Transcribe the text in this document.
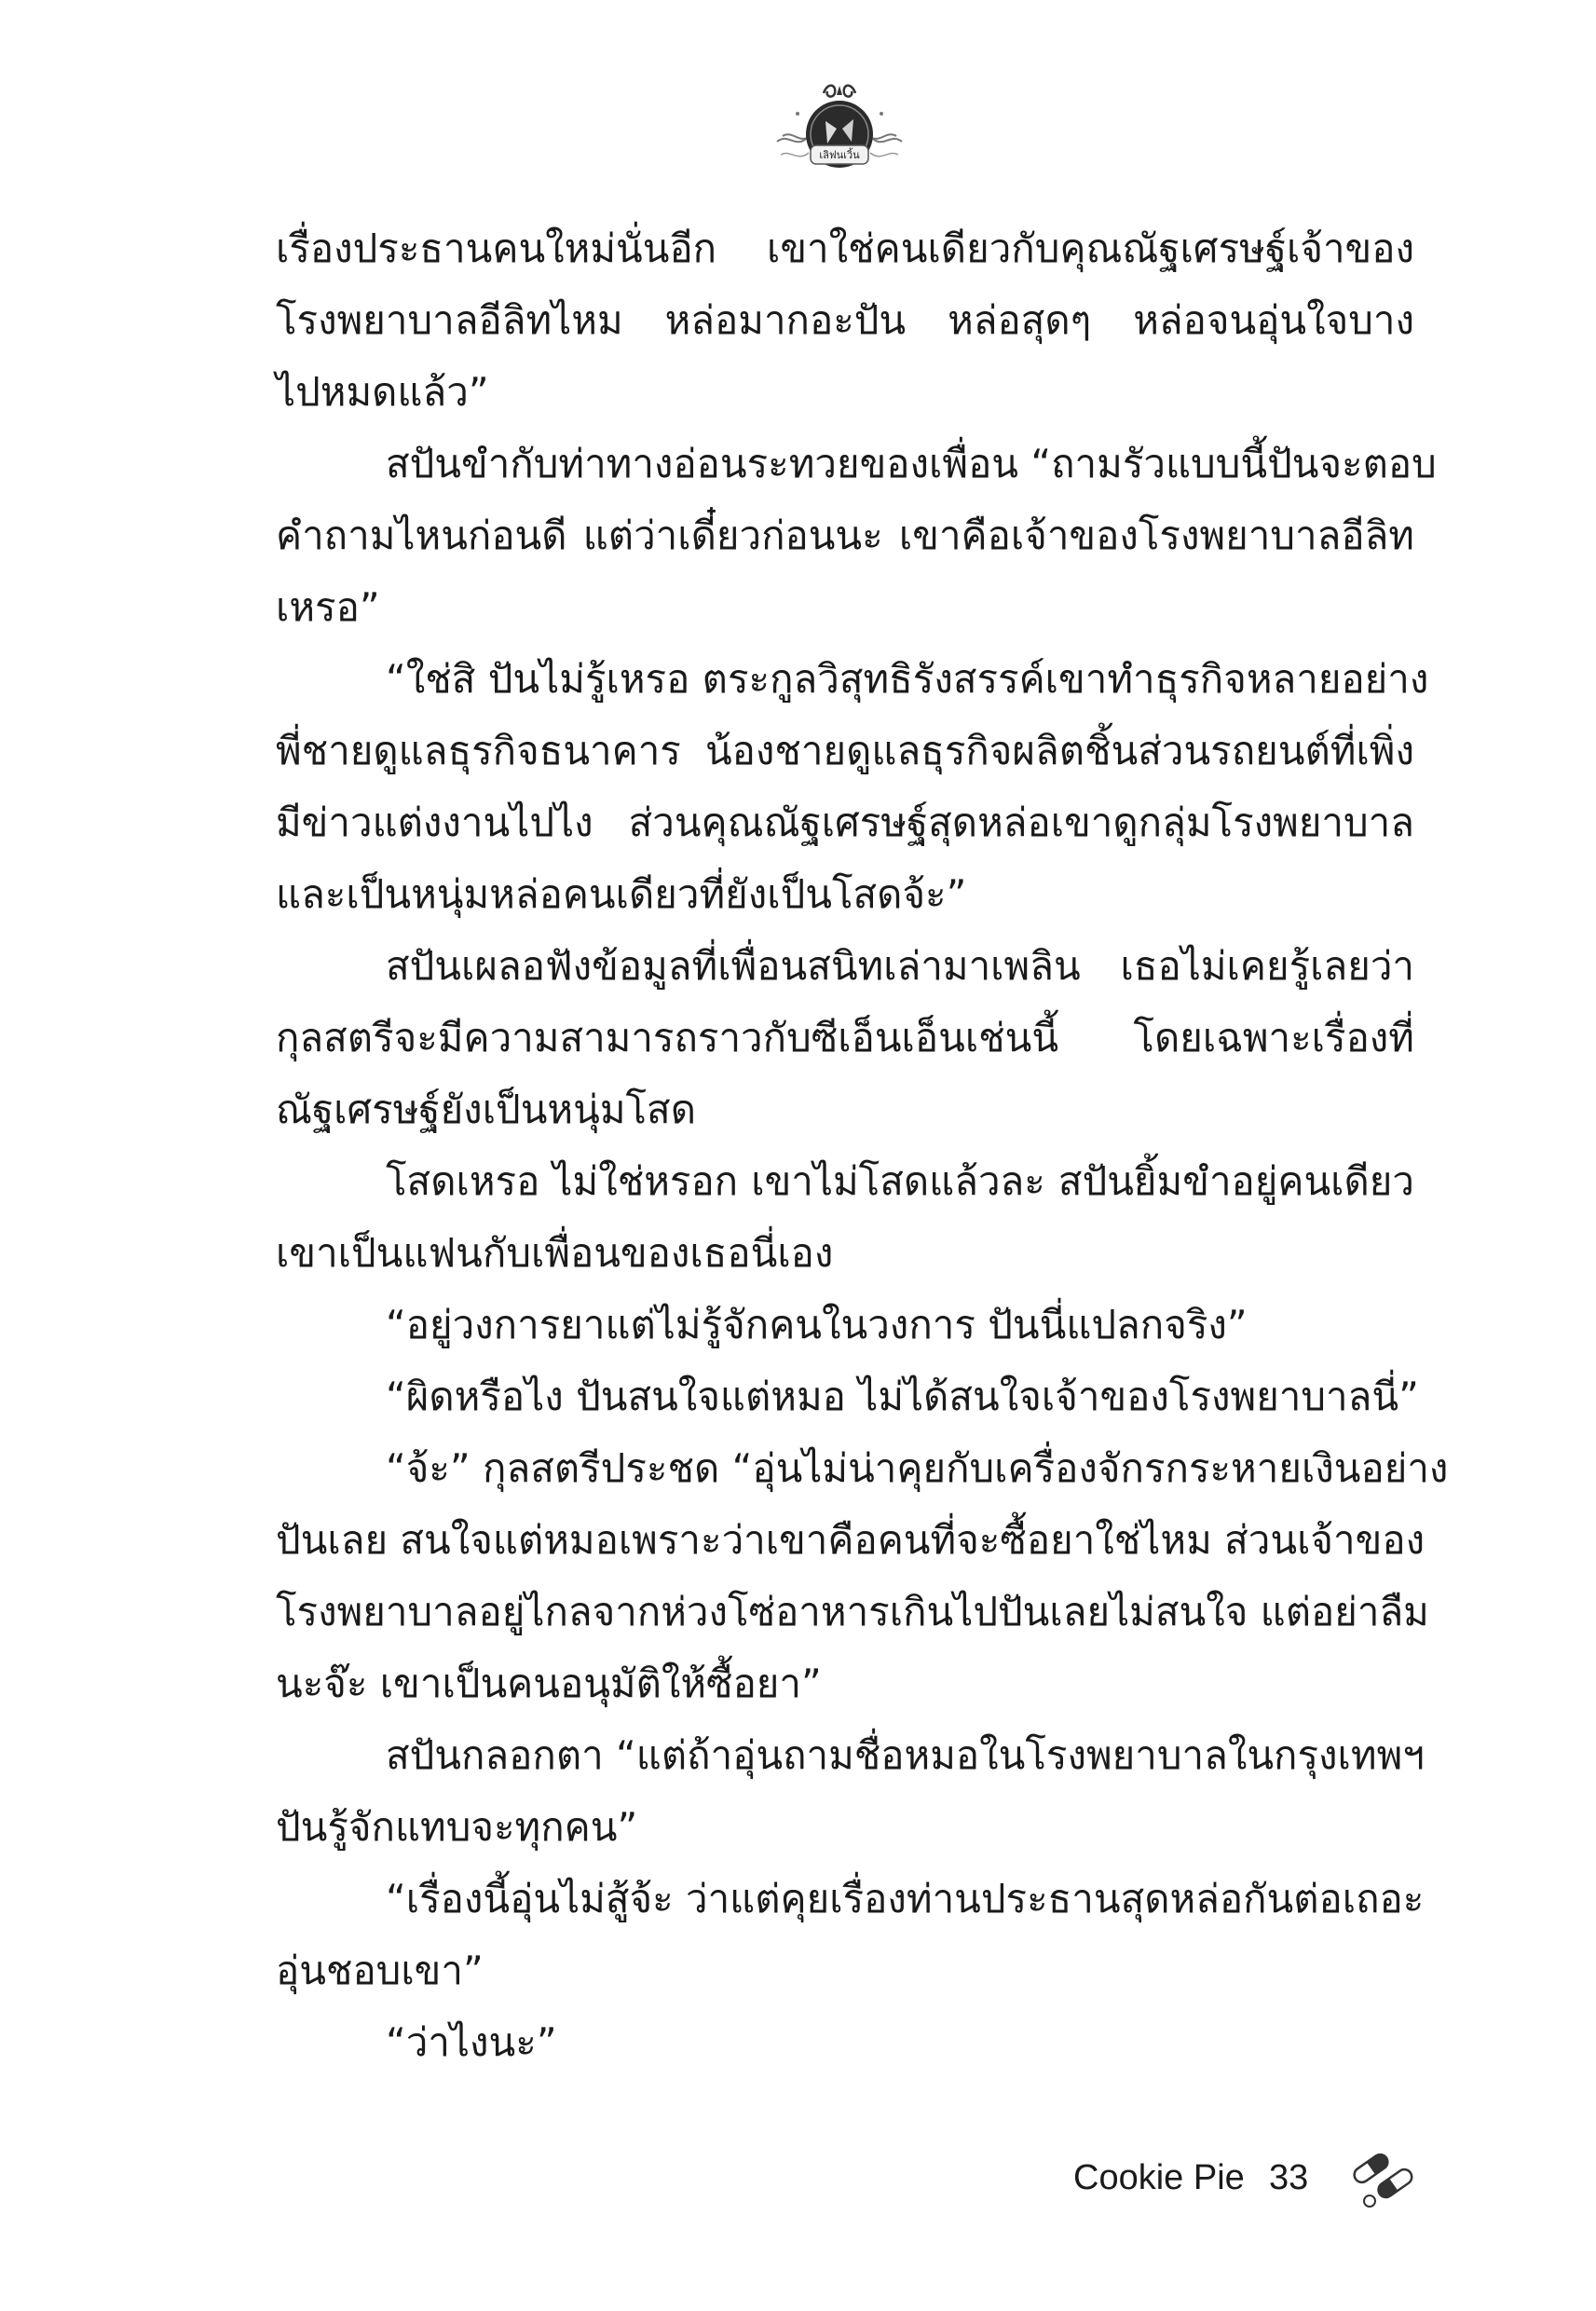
เลิฟนเวิ้น
เรื่องประธานคนใหม่นั่นอีก เขาใช่คนเดียวกับคุณณัฐเศรษฐ์เจ้าของ
โรงพยาบาลอีลิทไหม หล่อมากอะปัน หล่อสุดๆ หล่อจนอุ่นใจบาง
ไปหมดแล้ว”
สปันขำกับท่าทางอ่อนระทวยของเพื่อน “ถามรัวแบบนี้ปันจะตอบ
คำถามไหนก่อนดี แต่ว่าเดี๋ยวก่อนนะ เขาคือเจ้าของโรงพยาบาลอีลิท
เหรอ”
“ใช่สิ ปันไม่รู้เหรอ ตระกูลวิสุทธิรังสรรค์เขาทำธุรกิจหลายอย่าง
พี่ชายดูแลธุรกิจธนาคาร น้องชายดูแลธุรกิจผลิตชิ้นส่วนรถยนต์ที่เพิ่ง
มีข่าวแต่งงานไปไง ส่วนคุณณัฐเศรษฐ์สุดหล่อเขาดูกลุ่มโรงพยาบาล
และเป็นหนุ่มหล่อคนเดียวที่ยังเป็นโสดจ้ะ”
สปันเผลอฟังข้อมูลที่เพื่อนสนิทเล่ามาเพลิน เธอไม่เคยรู้เลยว่า
กุลสตรีจะมีความสามารถราวกับซีเอ็นเอ็นเช่นนี้ โดยเฉพาะเรื่องที่
ณัฐเศรษฐ์ยังเป็นหนุ่มโสด
โสดเหรอ ไม่ใช่หรอก เขาไม่โสดแล้วละ สปันยิ้มขำอยู่คนเดียว
เขาเป็นแฟนกับเพื่อนของเธอนี่เอง
“อยู่วงการยาแต่ไม่รู้จักคนในวงการ ปันนี่แปลกจริง”
“ผิดหรือไง ปันสนใจแต่หมอ ไม่ได้สนใจเจ้าของโรงพยาบาลนี่”
“จ้ะ” กุลสตรีประชด “อุ่นไม่น่าคุยกับเครื่องจักรกระหายเงินอย่าง
ปันเลย สนใจแต่หมอเพราะว่าเขาคือคนที่จะซื้อยาใช่ไหม ส่วนเจ้าของ
โรงพยาบาลอยู่ไกลจากห่วงโซ่อาหารเกินไปปันเลยไม่สนใจ แต่อย่าลืม
นะจ๊ะ เขาเป็นคนอนุมัติให้ซื้อยา”
สปันกลอกตา “แต่ถ้าอุ่นถามชื่อหมอในโรงพยาบาลในกรุงเทพฯ
ปันรู้จักแทบจะทุกคน”
“เรื่องนี้อุ่นไม่สู้จ้ะ ว่าแต่คุยเรื่องท่านประธานสุดหล่อกันต่อเถอะ
อุ่นชอบเขา”
“ว่าไงนะ”
Cookie Pie 33
